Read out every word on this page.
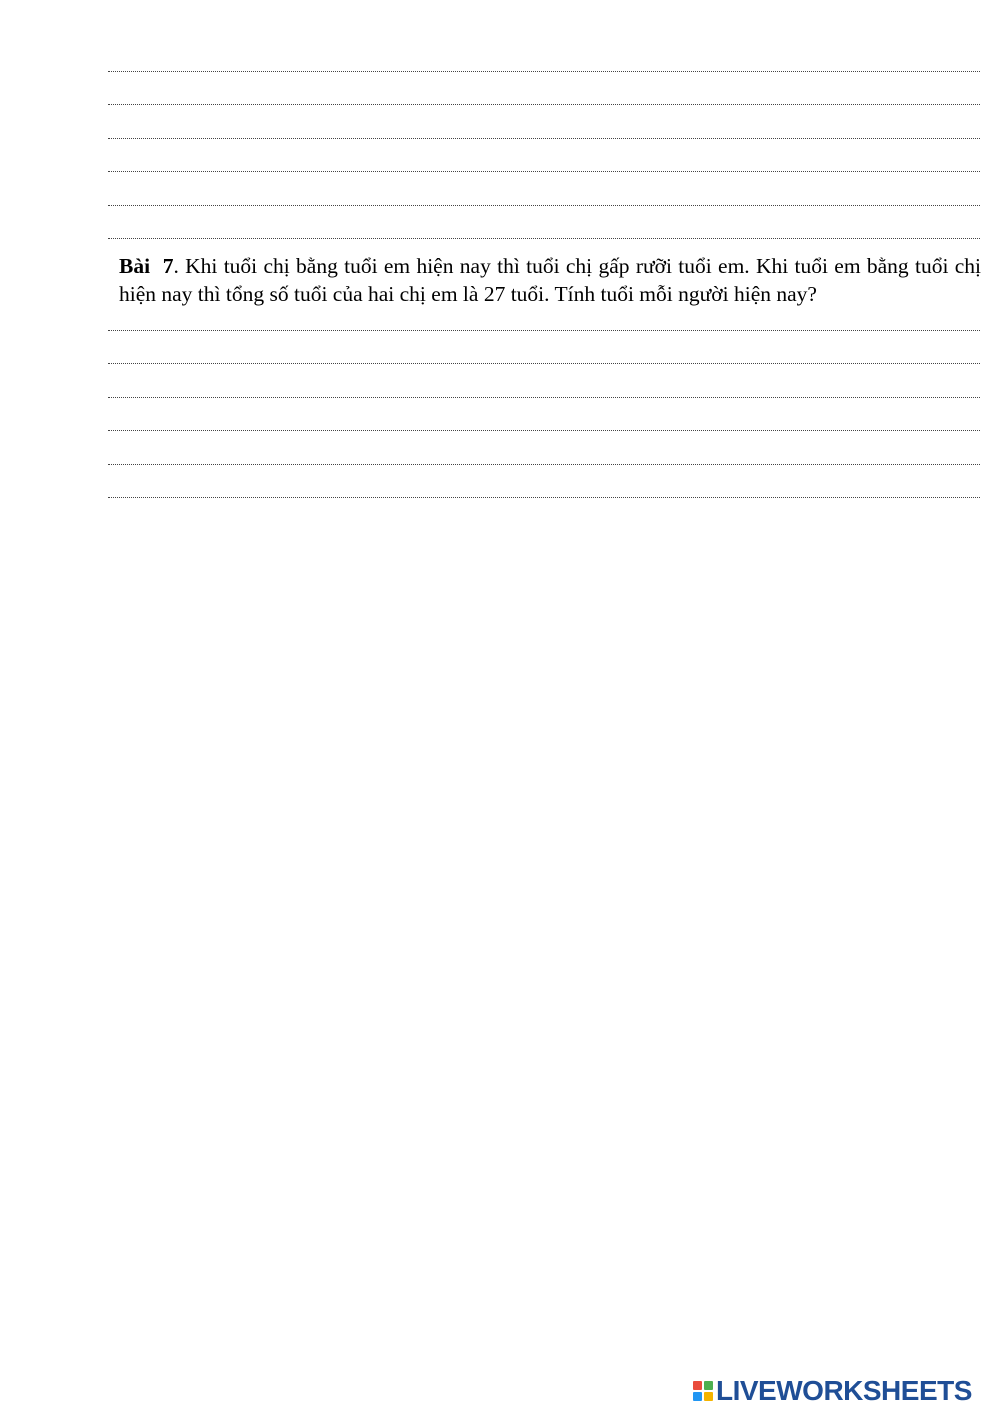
Bài 7. Khi tuổi chị bằng tuổi em hiện nay thì tuổi chị gấp rưỡi tuổi em. Khi tuổi em bằng tuổi chị hiện nay thì tổng số tuổi của hai chị em là 27 tuổi. Tính tuổi mỗi người hiện nay?
LIVEWORKSHEETS
